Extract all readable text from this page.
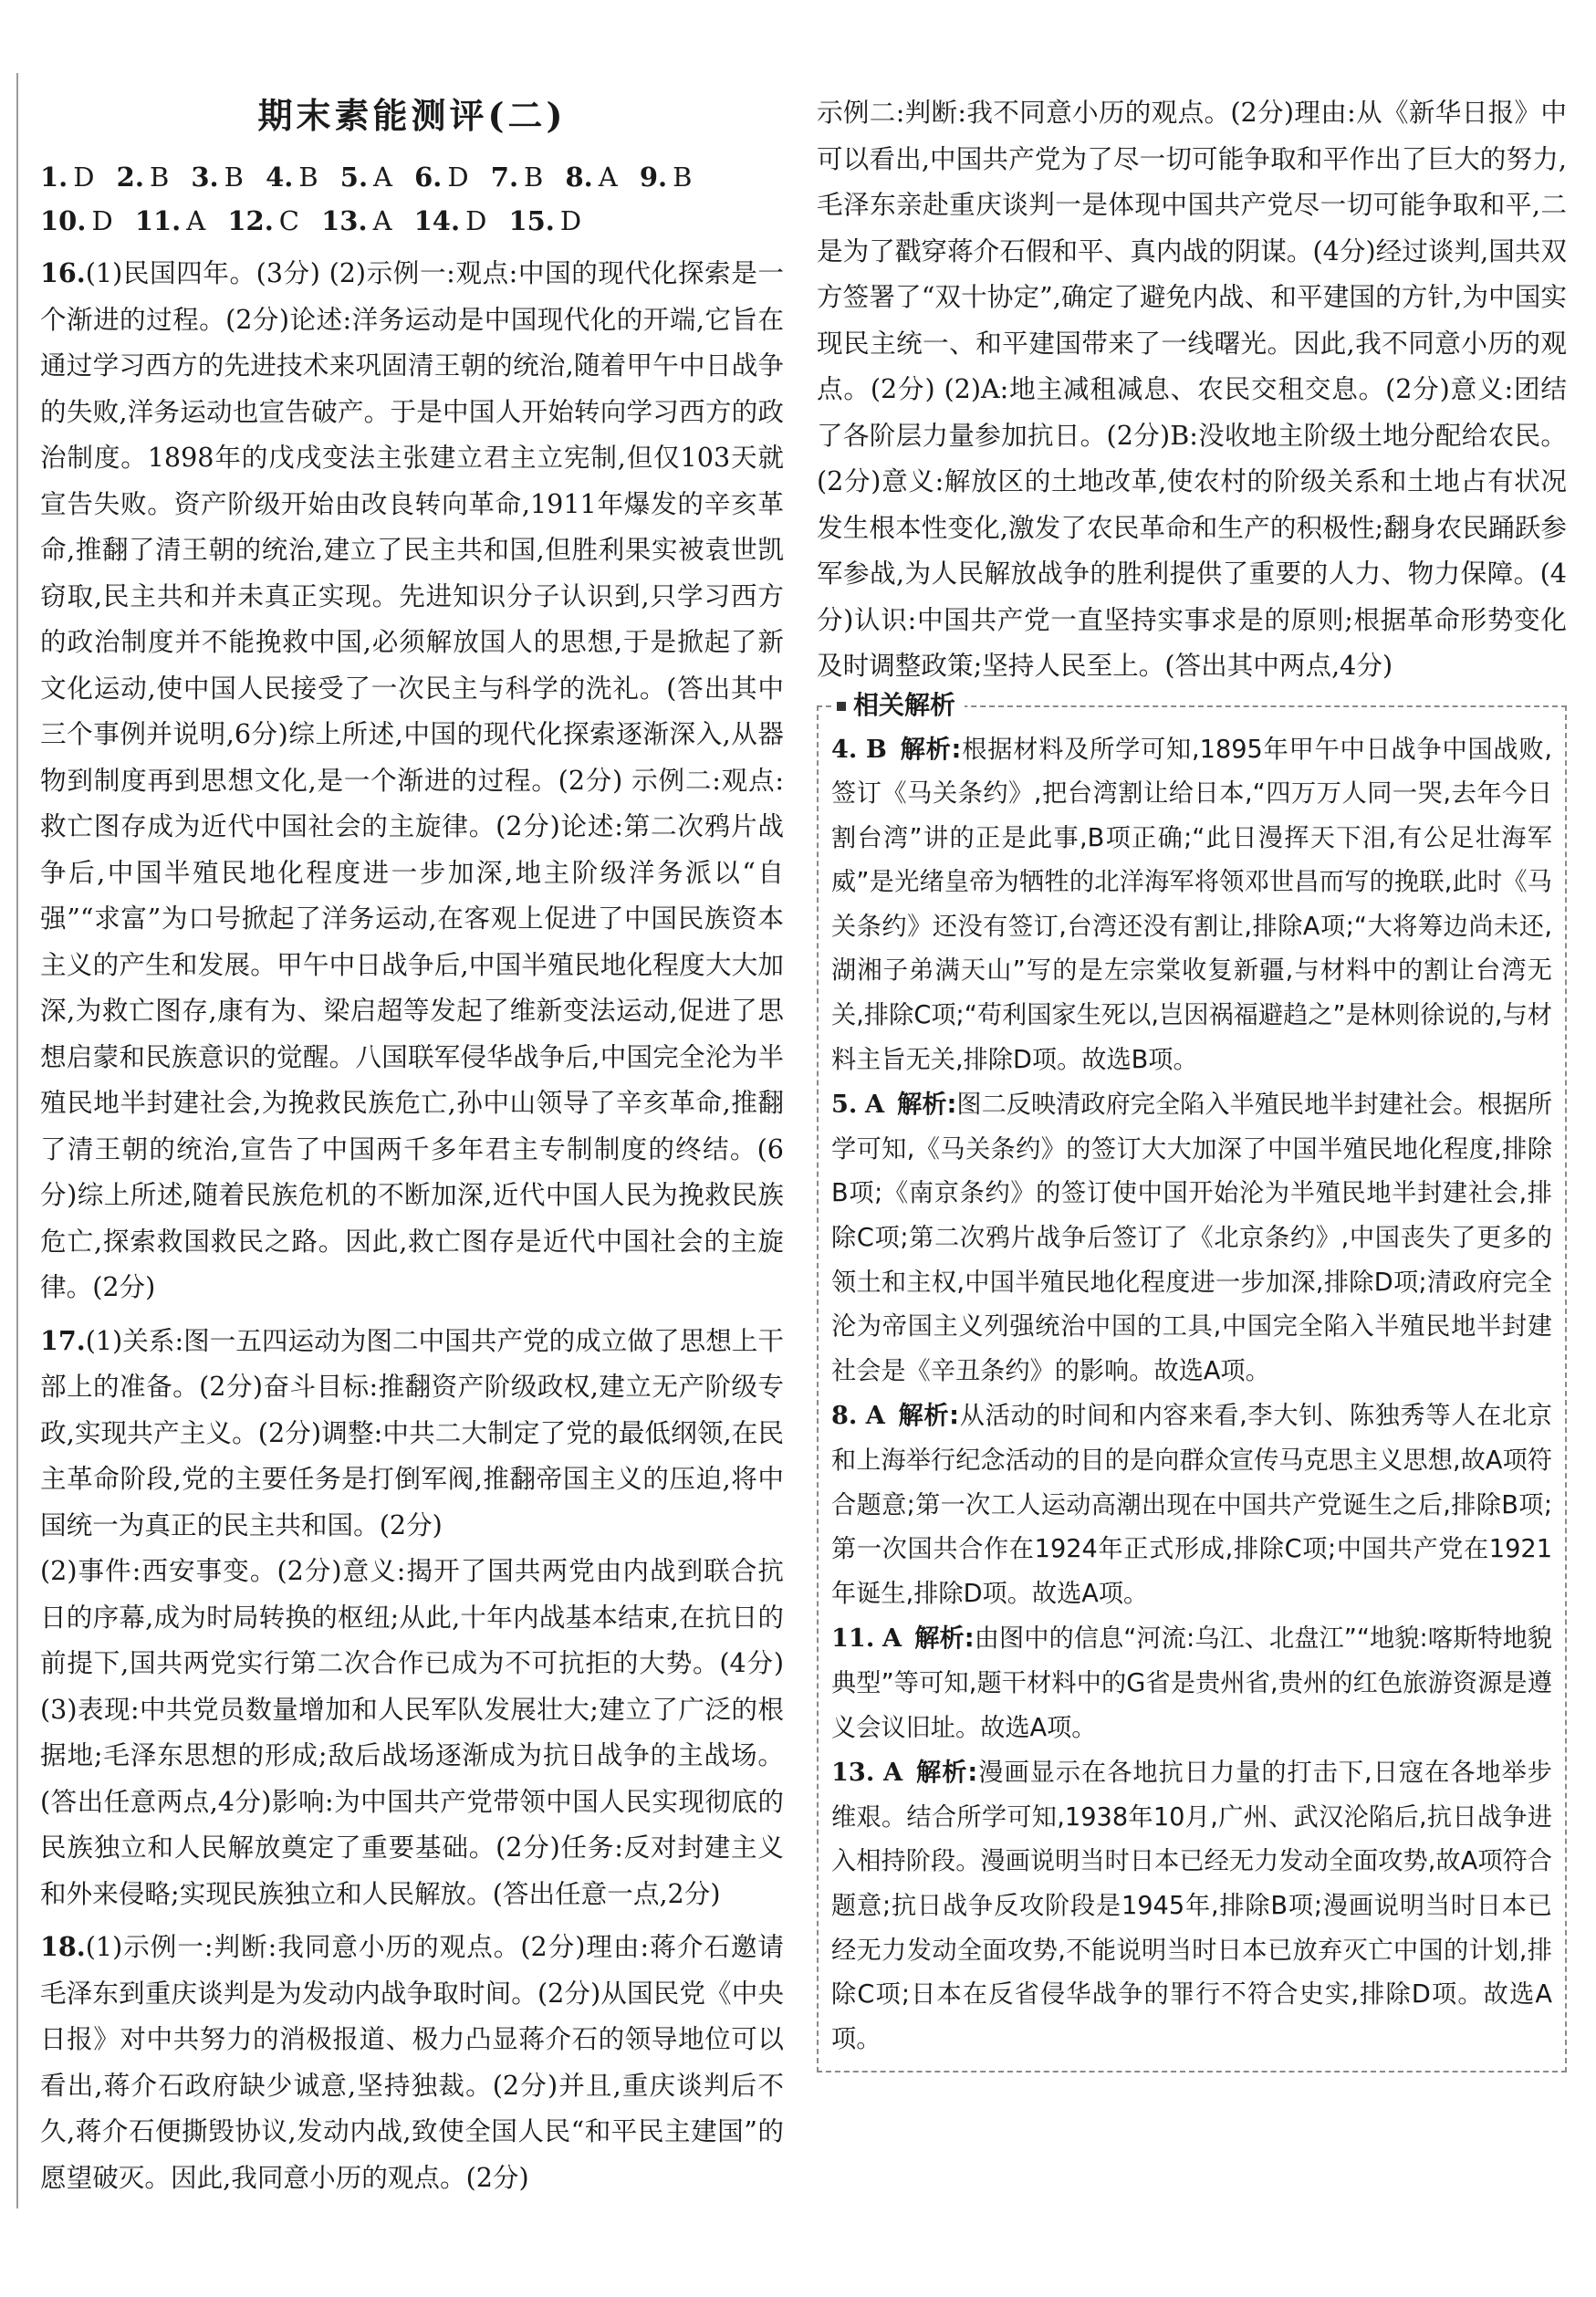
期末素能测评(二)

1. D 2. B 3. B 4. B 5. A 6. D 7. B 8. A 9. B

10. D 11. A 12. C 13. A 14. D 15. D

16.(1)民国四年。(3分) (2)示例一:观点:中国的现代化探索是一个渐进的过程。(2分)论述:洋务运动是中国现代化的开端,它旨在通过学习西方的先进技术来巩固清王朝的统治,随着甲午中日战争的失败,洋务运动也宣告破产。于是中国人开始转向学习西方的政治制度。1898年的戊戌变法主张建立君主立宪制,但仅103天就宣告失败。资产阶级开始由改良转向革命,1911年爆发的辛亥革命,推翻了清王朝的统治,建立了民主共和国,但胜利果实被袁世凯窃取,民主共和并未真正实现。先进知识分子认识到,只学习西方的政治制度并不能挽救中国,必须解放国人的思想,于是掀起了新文化运动,使中国人民接受了一次民主与科学的洗礼。(答出其中三个事例并说明,6分)综上所述,中国的现代化探索逐渐深入,从器物到制度再到思想文化,是一个渐进的过程。(2分) 示例二:观点:救亡图存成为近代中国社会的主旋律。(2分)论述:第二次鸦片战争后,中国半殖民地化程度进一步加深,地主阶级洋务派以“自强”“求富”为口号掀起了洋务运动,在客观上促进了中国民族资本主义的产生和发展。甲午中日战争后,中国半殖民地化程度大大加深,为救亡图存,康有为、梁启超等发起了维新变法运动,促进了思想启蒙和民族意识的觉醒。八国联军侵华战争后,中国完全沦为半殖民地半封建社会,为挽救民族危亡,孙中山领导了辛亥革命,推翻了清王朝的统治,宣告了中国两千多年君主专制制度的终结。(6分)综上所述,随着民族危机的不断加深,近代中国人民为挽救民族危亡,探索救国救民之路。因此,救亡图存是近代中国社会的主旋律。(2分)

17.(1)关系:图一五四运动为图二中国共产党的成立做了思想上干部上的准备。(2分)奋斗目标:推翻资产阶级政权,建立无产阶级专政,实现共产主义。(2分)调整:中共二大制定了党的最低纲领,在民主革命阶段,党的主要任务是打倒军阀,推翻帝国主义的压迫,将中国统一为真正的民主共和国。(2分)

(2)事件:西安事变。(2分)意义:揭开了国共两党由内战到联合抗日的序幕,成为时局转换的枢纽;从此,十年内战基本结束,在抗日的前提下,国共两党实行第二次合作已成为不可抗拒的大势。(4分) (3)表现:中共党员数量增加和人民军队发展壮大;建立了广泛的根据地;毛泽东思想的形成;敌后战场逐渐成为抗日战争的主战场。(答出任意两点,4分)影响:为中国共产党带领中国人民实现彻底的民族独立和人民解放奠定了重要基础。(2分)任务:反对封建主义和外来侵略;实现民族独立和人民解放。(答出任意一点,2分)

18.(1)示例一:判断:我同意小历的观点。(2分)理由:蒋介石邀请毛泽东到重庆谈判是为发动内战争取时间。(2分)从国民党《中央日报》对中共努力的消极报道、极力凸显蒋介石的领导地位可以看出,蒋介石政府缺少诚意,坚持独裁。(2分)并且,重庆谈判后不久,蒋介石便撕毁协议,发动内战,致使全国人民“和平民主建国”的愿望破灭。因此,我同意小历的观点。(2分)

示例二:判断:我不同意小历的观点。(2分)理由:从《新华日报》中可以看出,中国共产党为了尽一切可能争取和平作出了巨大的努力,毛泽东亲赴重庆谈判一是体现中国共产党尽一切可能争取和平,二是为了戳穿蒋介石假和平、真内战的阴谋。(4分)经过谈判,国共双方签署了“双十协定”,确定了避免内战、和平建国的方针,为中国实现民主统一、和平建国带来了一线曙光。因此,我不同意小历的观点。(2分) (2)A:地主减租减息、农民交租交息。(2分)意义:团结了各阶层力量参加抗日。(2分)B:没收地主阶级土地分配给农民。(2分)意义:解放区的土地改革,使农村的阶级关系和土地占有状况发生根本性变化,激发了农民革命和生产的积极性;翻身农民踊跃参军参战,为人民解放战争的胜利提供了重要的人力、物力保障。(4分)认识:中国共产党一直坚持实事求是的原则;根据革命形势变化及时调整政策;坚持人民至上。(答出其中两点,4分)

相关解析

4. B 解析:根据材料及所学可知,1895年甲午中日战争中国战败,签订《马关条约》,把台湾割让给日本,“四万万人同一哭,去年今日割台湾”讲的正是此事,B项正确;“此日漫挥天下泪,有公足壮海军威”是光绪皇帝为牺牲的北洋海军将领邓世昌而写的挽联,此时《马关条约》还没有签订,台湾还没有割让,排除A项;“大将筹边尚未还,湖湘子弟满天山”写的是左宗棠收复新疆,与材料中的割让台湾无关,排除C项;“苟利国家生死以,岂因祸福避趋之”是林则徐说的,与材料主旨无关,排除D项。故选B项。

5. A 解析:图二反映清政府完全陷入半殖民地半封建社会。根据所学可知,《马关条约》的签订大大加深了中国半殖民地化程度,排除B项;《南京条约》的签订使中国开始沦为半殖民地半封建社会,排除C项;第二次鸦片战争后签订了《北京条约》,中国丧失了更多的领土和主权,中国半殖民地化程度进一步加深,排除D项;清政府完全沦为帝国主义列强统治中国的工具,中国完全陷入半殖民地半封建社会是《辛丑条约》的影响。故选A项。

8. A 解析:从活动的时间和内容来看,李大钊、陈独秀等人在北京和上海举行纪念活动的目的是向群众宣传马克思主义思想,故A项符合题意;第一次工人运动高潮出现在中国共产党诞生之后,排除B项;第一次国共合作在1924年正式形成,排除C项;中国共产党在1921年诞生,排除D项。故选A项。

11. A 解析:由图中的信息“河流:乌江、北盘江”“地貌:喀斯特地貌典型”等可知,题干材料中的G省是贵州省,贵州的红色旅游资源是遵义会议旧址。故选A项。

13. A 解析:漫画显示在各地抗日力量的打击下,日寇在各地举步维艰。结合所学可知,1938年10月,广州、武汉沦陷后,抗日战争进入相持阶段。漫画说明当时日本已经无力发动全面攻势,故A项符合题意;抗日战争反攻阶段是1945年,排除B项;漫画说明当时日本已经无力发动全面攻势,不能说明当时日本已放弃灭亡中国的计划,排除C项;日本在反省侵华战争的罪行不符合史实,排除D项。故选A项。
